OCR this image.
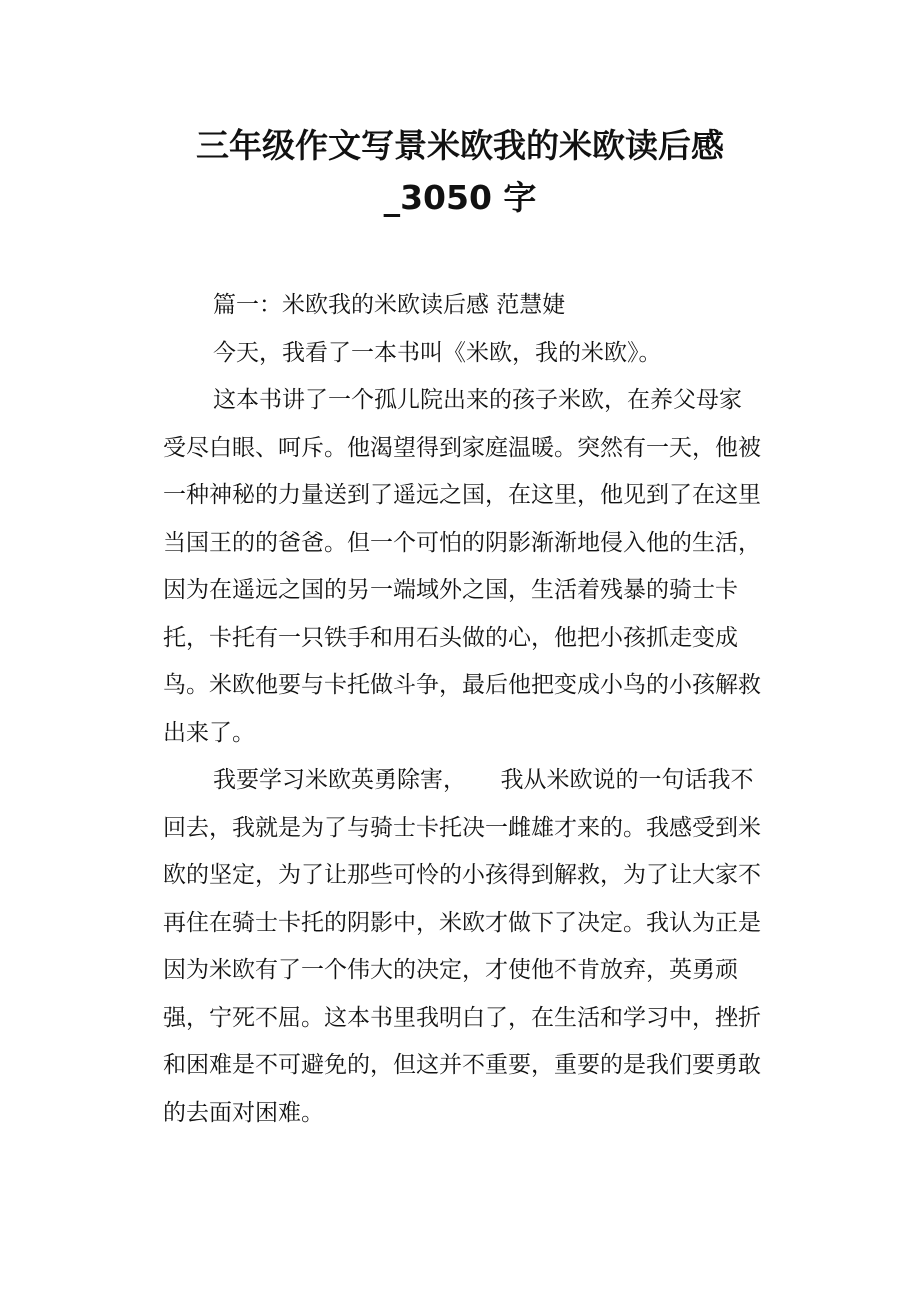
三年级作文写景米欧我的米欧读后感
_3050 字

篇一：米欧我的米欧读后感 范慧婕

今天，我看了一本书叫《米欧，我的米欧》。

这本书讲了一个孤儿院出来的孩子米欧，在养父母家受尽白眼、呵斥。他渴望得到家庭温暖。突然有一天，他被一种神秘的力量送到了遥远之国，在这里，他见到了在这里当国王的的爸爸。但一个可怕的阴影渐渐地侵入他的生活，因为在遥远之国的另一端域外之国，生活着残暴的骑士卡托，卡托有一只铁手和用石头做的心，他把小孩抓走变成鸟。米欧他要与卡托做斗争，最后他把变成小鸟的小孩解救出来了。

我要学习米欧英勇除害，　　我从米欧说的一句话我不回去，我就是为了与骑士卡托决一雌雄才来的。我感受到米欧的坚定，为了让那些可怜的小孩得到解救，为了让大家不再住在骑士卡托的阴影中，米欧才做下了决定。我认为正是因为米欧有了一个伟大的决定，才使他不肯放弃，英勇顽强，宁死不屈。这本书里我明白了，在生活和学习中，挫折和困难是不可避免的，但这并不重要，重要的是我们要勇敢的去面对困难。
